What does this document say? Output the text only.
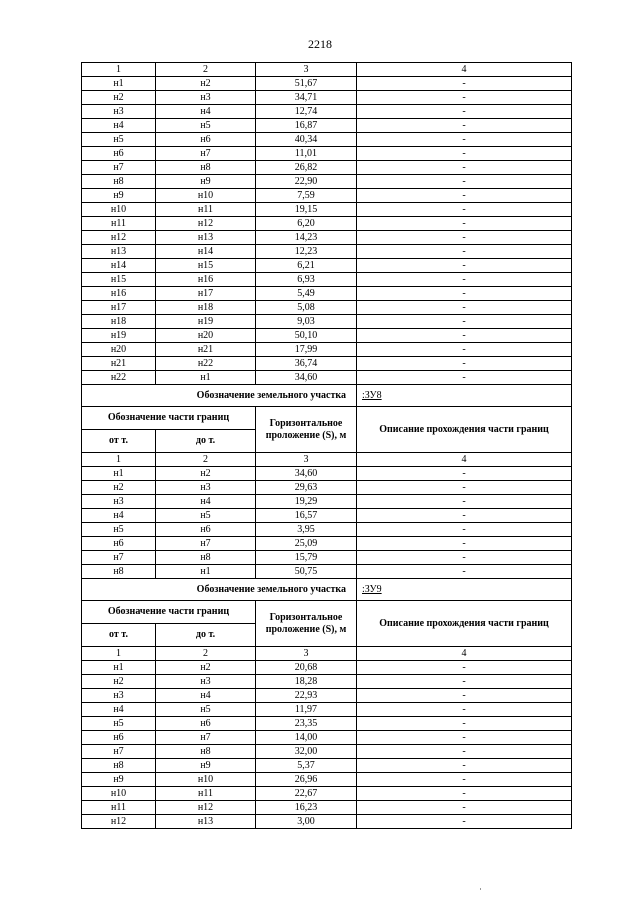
2218
1	2	3	4
н1	н2	51,67	-
н2	н3	34,71	-
н3	н4	12,74	-
н4	н5	16,87	-
н5	н6	40,34	-
н6	н7	11,01	-
н7	н8	26,82	-
н8	н9	22,90	-
н9	н10	7,59	-
н10	н11	19,15	-
н11	н12	6,20	-
н12	н13	14,23	-
н13	н14	12,23	-
н14	н15	6,21	-
н15	н16	6,93	-
н16	н17	5,49	-
н17	н18	5,08	-
н18	н19	9,03	-
н19	н20	50,10	-
н20	н21	17,99	-
н21	н22	36,74	-
н22	н1	34,60	-
Обозначение земельного участка			:ЗУ8
Обозначение части границ		Горизонтальное проложение (S), м	Описание прохождения части границ
от т.	до т.		
1	2	3	4
н1	н2	34,60	-
н2	н3	29,63	-
н3	н4	19,29	-
н4	н5	16,57	-
н5	н6	3,95	-
н6	н7	25,09	-
н7	н8	15,79	-
н8	н1	50,75	-
Обозначение земельного участка			:ЗУ9
Обозначение части границ		Горизонтальное проложение (S), м	Описание прохождения части границ
от т.	до т.		
1	2	3	4
н1	н2	20,68	-
н2	н3	18,28	-
н3	н4	22,93	-
н4	н5	11,97	-
н5	н6	23,35	-
н6	н7	14,00	-
н7	н8	32,00	-
н8	н9	5,37	-
н9	н10	26,96	-
н10	н11	22,67	-
н11	н12	16,23	-
н12	н13	3,00	-
